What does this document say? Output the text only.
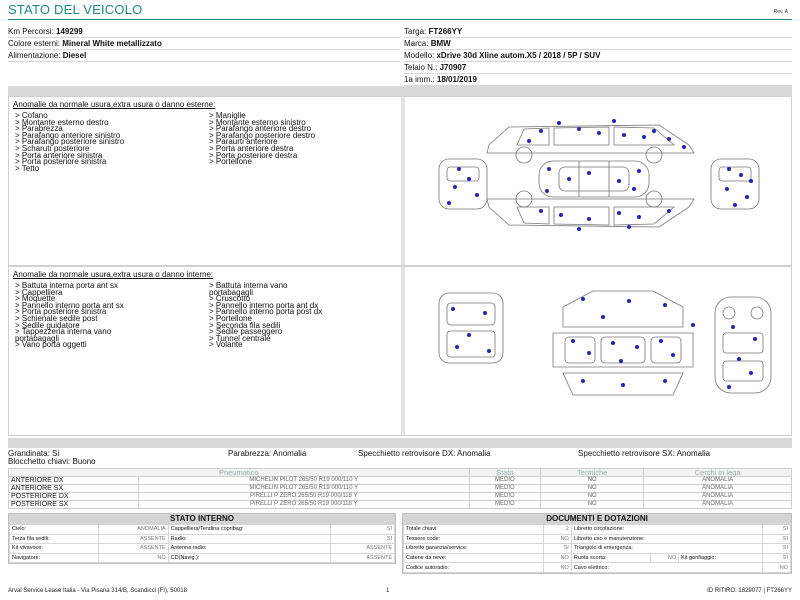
STATO DEL VEICOLO	Rev. A
Km Percorsi: 149299
Colore esterni: Mineral White metallizzato
Alimentazione: Diesel
Targa: FT266YY
Marca: BMW
Modello: xDrive 30d Xline autom.X5 / 2018 / 5P / SUV
Telaio N.: J70907
1a imm.: 18/01/2019
Anomalie da normale usura,extra usura o danno esterne:
> Cofano
> Montante esterno destro
> Parabrezza
> Parafango anteriore sinistro
> Parafango posteriore sinistro
> Scharutı posteriore
> Porta anteriore sinistra
> Porta posteriore sinistra
> Tetto
> Maniglie
> Montante esterno sinistro
> Parafango anteriore destro
> Parafango posteriore destro
> Paraurti anteriore
> Porta anteriore destra
> Porta posteriore destra
> Portellone
Anomalie da normale usura,extra usura o danno interne:
> Battuta interna porta ant sx
> Cappelliera
> Moquette
> Pannello interno porta ant sx
> Porta posteriore sinistra
> Schienale sedile post
> Sedile guidatore
> Tappezzeria interna vano
portabagagli
> Vano porta oggetti
> Battuta interna vano
portabagagli
> Cruscotto
> Pannello interno porta ant dx
> Pannello interno porta post dx
> Portellone
> Seconda fila sedili
> Sedile passeggero
> Tunnel centrale
> Volante
Grandinata: Si	Parabrezza: Anomalia	Specchietto retrovisore DX: Anomalia	Specchietto retrovisore SX: Anomalia
Blocchetto chiavi: Buono
Pneumatico		Stato	Termiche	Cerchi in lega
ANTERIORE DX	MICHELIN PILOT 265/50 R19 000/110 Y	MEDIO	NO	ANOMALIA
ANTERIORE SX	MICHELIN PILOT 265/50 R19 000/110 Y	MEDIO	NO	ANOMALIA
POSTERIORE DX	PIRELLI P ZERO 265/50 R19 000/118 Y	MEDIO	NO	ANOMALIA
POSTERIORE SX	PIRELLI P ZERO 265/50 R19 000/118 Y	MEDIO	NO	ANOMALIA
STATO INTERNO
Cielo:	ANOMALIA	Cappelliera/Tendina copribag:	SI
Terza fila sedili:	ASSENTE	Radio:	SI
Kit vivavoce:	ASSENTE	Antenna radio:	ASSENTE
Navigatore:	NO	CD(Navig.):	ASSENTE
DOCUMENTI E DOTAZIONI
Totale chiavi:	2	Libretto circolazione:			SI
Tessere code:	NO	Libretto uso e manutenzione:			SI
Libretto garanzia/service:	SI	Triangolo di emergenza:			SI
Catene da neve:	NO	Ruota scorta:	NO	Kit gonfiaggio:	SI
Codice autoradio:	NO	Cavo elettrico:			NO
Arval Service Lease Italia - Via Pisana 314/B, Scandicci (FI), 50018	1	ID RITIRO: 1829077 | FT266YY
